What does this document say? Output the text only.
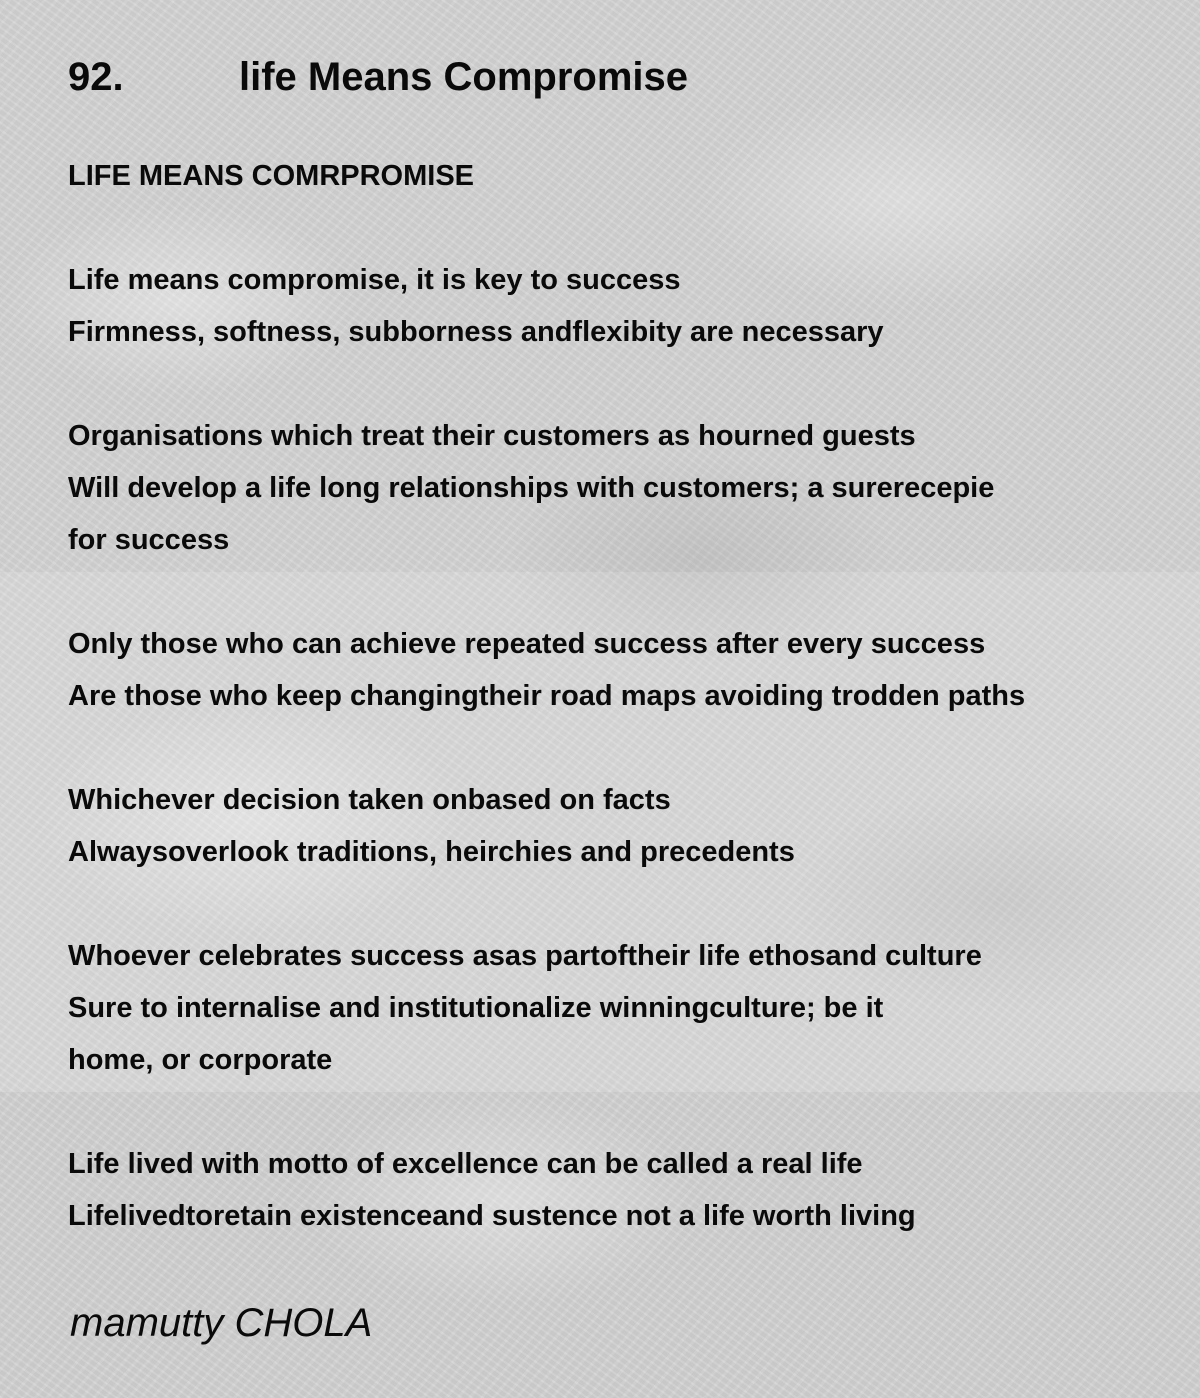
92.	life Means Compromise
LIFE MEANS COMRPROMISE
Life means compromise, it is key to success
Firmness, softness, subborness andflexibity are necessary
Organisations which treat their customers as hourned guests
Will develop a life long relationships with customers; a surerecepie
for success
Only those who can achieve repeated success after every success
Are those who keep changingtheir road maps avoiding trodden paths
Whichever decision taken onbased on facts
Alwaysoverlook traditions, heirchies and precedents
Whoever celebrates success asas partoftheir life ethosand culture
Sure to internalise and institutionalize winningculture; be it
home, or corporate
Life lived with motto of excellence can be called a real life
Lifelivedtoretain existenceand sustence not a life worth living
mamutty CHOLA
